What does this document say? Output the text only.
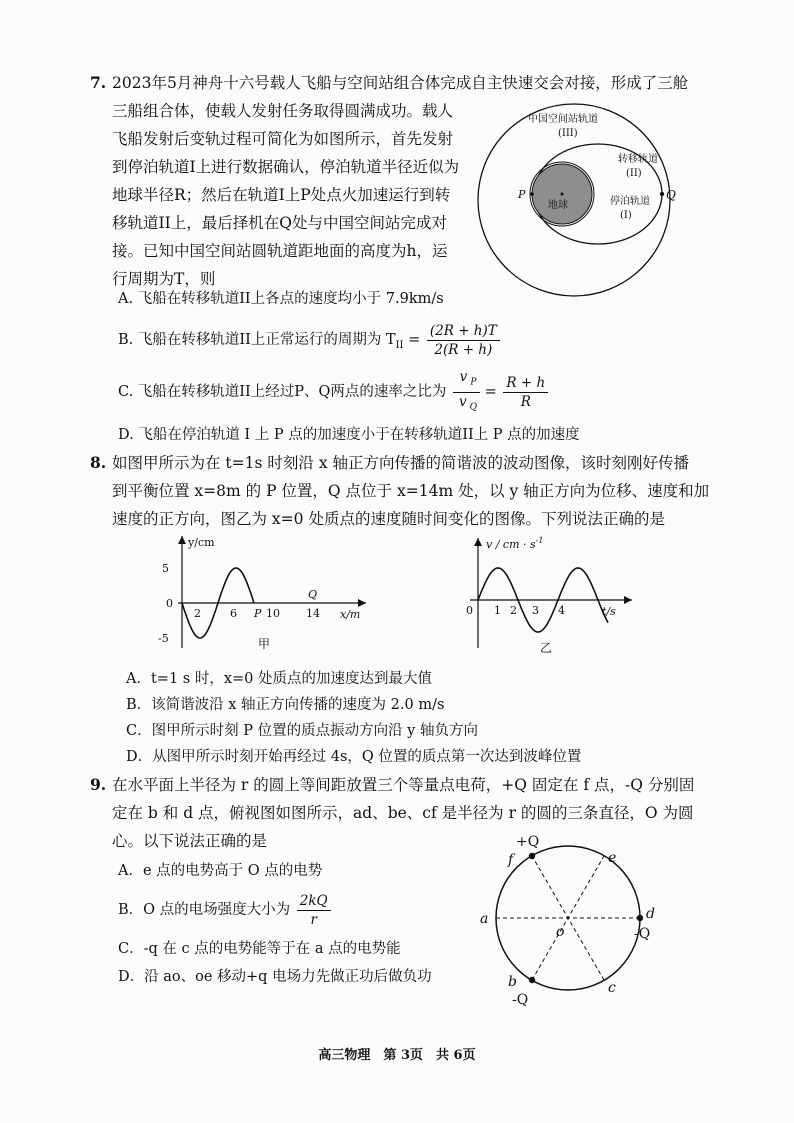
7. 2023年5月神舟十六号载人飞船与空间站组合体完成自主快速交会对接，形成了三舱
三船组合体，使载人发射任务取得圆满成功。载人
飞船发射后变轨过程可简化为如图所示，首先发射
到停泊轨道I上进行数据确认，停泊轨道半径近似为
地球半径R；然后在轨道I上P处点火加速运行到转
移轨道II上，最后择机在Q处与中国空间站完成对
接。已知中国空间站圆轨道距地面的高度为h，运
行周期为T，则
中国空间站轨道
(III)
转移轨道
(II)
停泊轨道
(I)
地球
P	Q
A. 飞船在转移轨道II上各点的速度均小于 7.9km/s
B. 飞船在转移轨道II上正常运行的周期为 $T_{II} = \frac{(2R + h)T}{2(R + h)}$
C. 飞船在转移轨道II上经过P、Q两点的速率之比为 $\frac{v _P}{v _Q} = \frac{R + h}{R}$
D. 飞船在停泊轨道 I 上 P 点的加速度小于在转移轨道II上 P 点的加速度
8. 如图甲所示为在 t=1s 时刻沿 x 轴正方向传播的简谐波的波动图像，该时刻刚好传播
到平衡位置 x=8m 的 P 位置，Q 点位于 x=14m 处，以 y 轴正方向为位移、速度和加
速度的正方向，图乙为 x=0 处质点的速度随时间变化的图像。下列说法正确的是
y/cm
x/m
5
-5
0
2	6	10 14
P
Q
甲
v / cm · $s^{-1}$
t/s
0 1 2 3 4
乙
A．t=1 s 时，x=0 处质点的加速度达到最大值
B．该简谐波沿 x 轴正方向传播的速度为 2.0 m/s
C．图甲所示时刻 P 位置的质点振动方向沿 y 轴负方向
D．从图甲所示时刻开始再经过 4s，Q 位置的质点第一次达到波峰位置
9. 在水平面上半径为 r 的圆上等间距放置三个等量点电荷，+Q 固定在 f 点，-Q 分别固
定在 b 和 d 点，俯视图如图所示，ad、be、cf 是半径为 r 的圆的三条直径，O 为圆
心。以下说法正确的是
A．e 点的电势高于 O 点的电势
B．O 点的电场强度大小为 $\frac{2kQ}{r}$
C．-q 在 c 点的电势能等于在 a 点的电势能
D．沿 ao、oe 移动+q 电场力先做正功后做负功
+Q
f	e
a	d
-Q
o
b
-Q
c
高三物理　第 3页　共 6页
